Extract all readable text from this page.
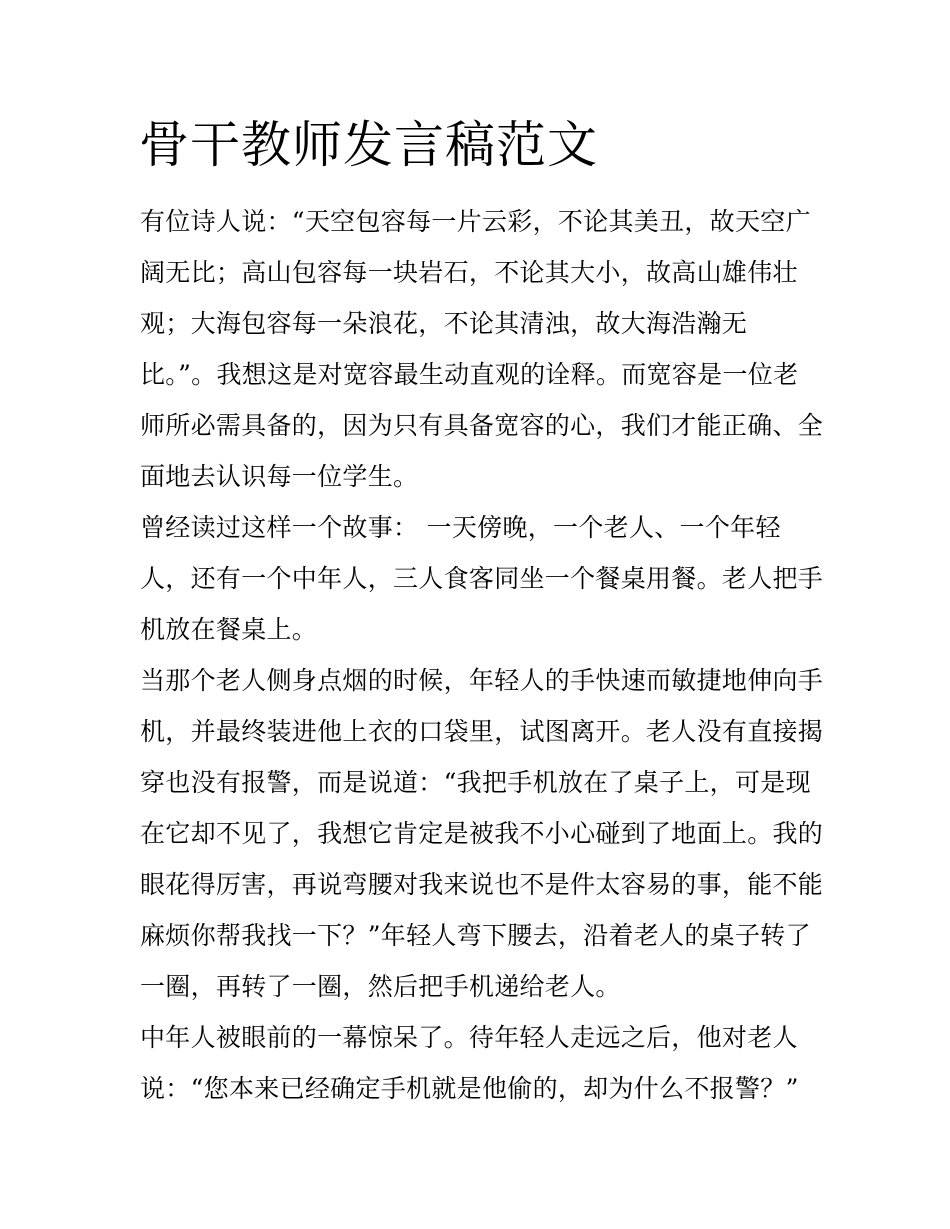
骨干教师发言稿范文

有位诗人说：“天空包容每一片云彩，不论其美丑，故天空广

阔无比；高山包容每一块岩石，不论其大小，故高山雄伟壮

观；大海包容每一朵浪花，不论其清浊，故大海浩瀚无

比。”。我想这是对宽容最生动直观的诠释。而宽容是一位老

师所必需具备的，因为只有具备宽容的心，我们才能正确、全

面地去认识每一位学生。

曾经读过这样一个故事： 一天傍晚，一个老人、一个年轻

人，还有一个中年人，三人食客同坐一个餐桌用餐。老人把手

机放在餐桌上。

当那个老人侧身点烟的时候，年轻人的手快速而敏捷地伸向手

机，并最终装进他上衣的口袋里，试图离开。老人没有直接揭

穿也没有报警，而是说道：“我把手机放在了桌子上，可是现

在它却不见了，我想它肯定是被我不小心碰到了地面上。我的

眼花得厉害，再说弯腰对我来说也不是件太容易的事，能不能

麻烦你帮我找一下？”年轻人弯下腰去，沿着老人的桌子转了

一圈，再转了一圈，然后把手机递给老人。

中年人被眼前的一幕惊呆了。待年轻人走远之后，他对老人

说：“您本来已经确定手机就是他偷的，却为什么不报警？”
